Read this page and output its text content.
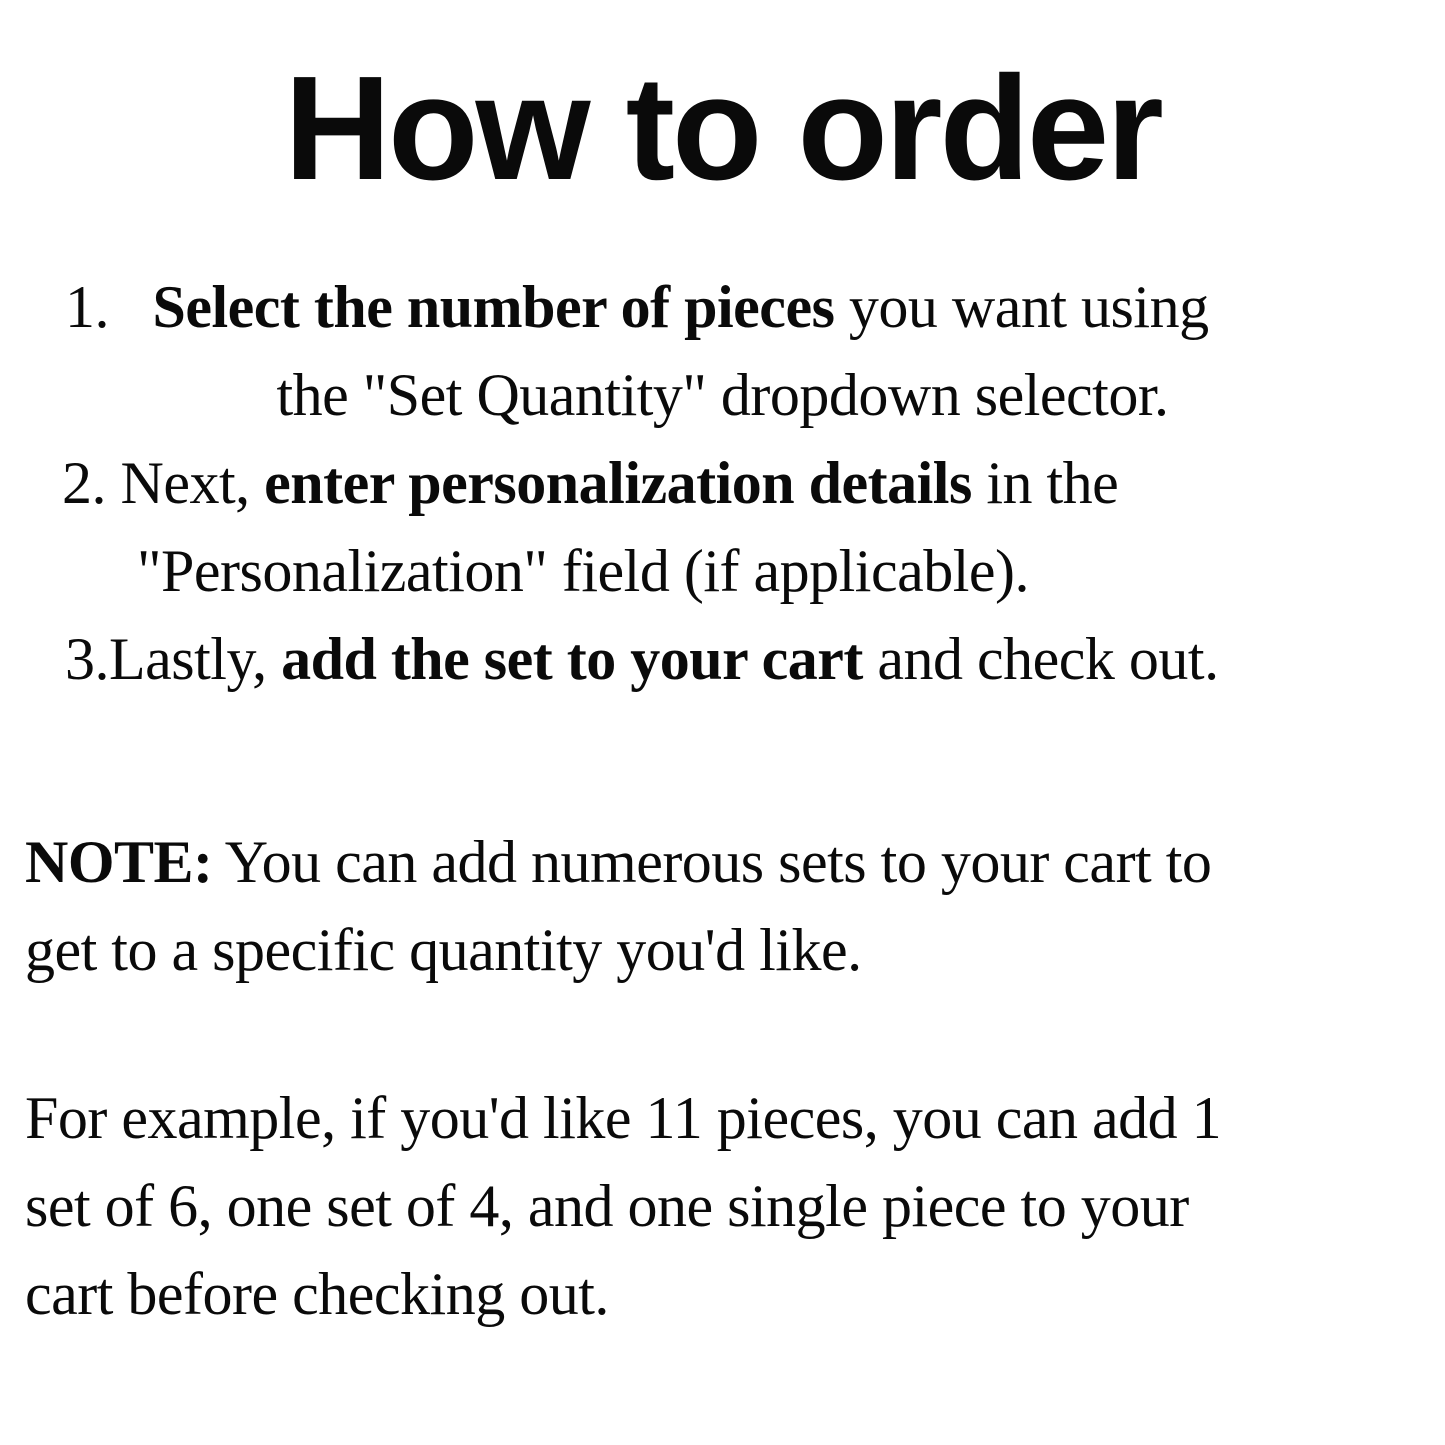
How to order
1.   Select the number of pieces you want using
the "Set Quantity" dropdown selector.
2. Next, enter personalization details in the
"Personalization" field (if applicable).
3.Lastly, add the set to your cart and check out.
NOTE: You can add numerous sets to your cart to
get to a specific quantity you'd like.
For example, if you'd like 11 pieces, you can add 1
set of 6, one set of 4, and one single piece to your
cart before checking out.
